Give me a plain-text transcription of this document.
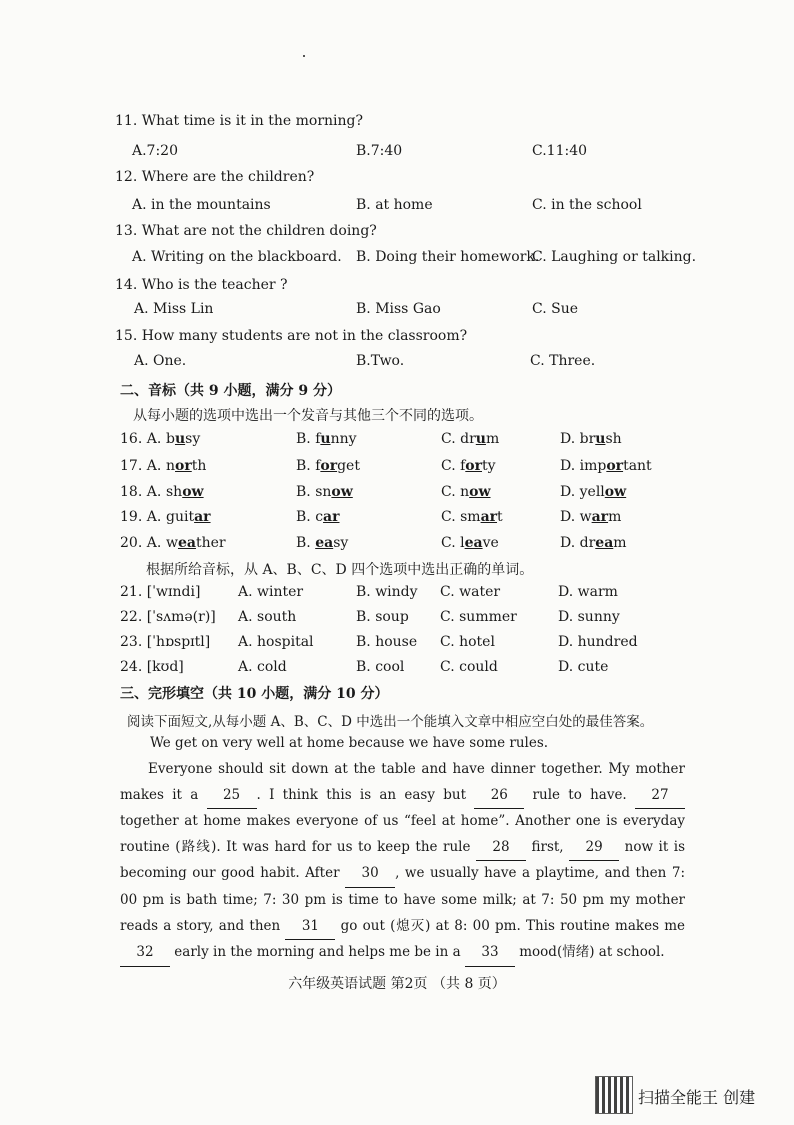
11. What time is it in the morning?
A.7:20	B.7:40	C.11:40
12. Where are the children?
A. in the mountains	B. at home	C. in the school
13. What are not the children doing?
A. Writing on the blackboard. B. Doing their homework.
C. Laughing or talking.
14. Who is the teacher ?
A. Miss Lin	B. Miss Gao	C. Sue
15. How many students are not in the classroom?
A. One.	B.Two.	C. Three.
二、音标（共 9 小题，满分 9 分）
从每小题的选项中选出一个发音与其他三个不同的选项。
16. A. busy	B. funny	C. drum	D. brush
17. A. north	B. forget	C. forty	D. important
18. A. show	B. snow	C. now	D. yellow
19. A. guitar	B. car	C. smart	D. warm
20. A. weather	B. easy	C. leave	D. dream
根据所给音标，从 A、B、C、D 四个选项中选出正确的单词。
21. [ˈwɪndi]	A. winter	B. windy C. water	D. warm
22. [ˈsʌmə(r)] A. south	B. soup C. summer	D. sunny
23. [ˈhɒspɪtl] A. hospital	B. house C. hotel	D. hundred
24. [kʊd]	A. cold	B. cool	C. could	D. cute
三、完形填空（共 10 小题，满分 10 分）
阅读下面短文,从每小题 A、B、C、D 中选出一个能填入文章中相应空白处的最佳答案。
We get on very well at home because we have some rules.
Everyone should sit down at the table and have dinner together. My mother makes it a 25 . I think this is an easy but 26 rule to have. 27 together at home makes everyone of us “feel at home”. Another one is everyday routine (路线). It was hard for us to keep the rule 28 first, 29 now it is becoming our good habit. After 30 , we usually have a playtime, and then 7: 00 pm is bath time; 7: 30 pm is time to have some milk; at 7: 50 pm my mother reads a story, and then 31 go out (熄灭) at 8: 00 pm. This routine makes me 32 early in the morning and helps me be in a 33 mood(情绪) at school.
六年级英语试题 第2页 （共 8 页）
扫描全能王 创建
